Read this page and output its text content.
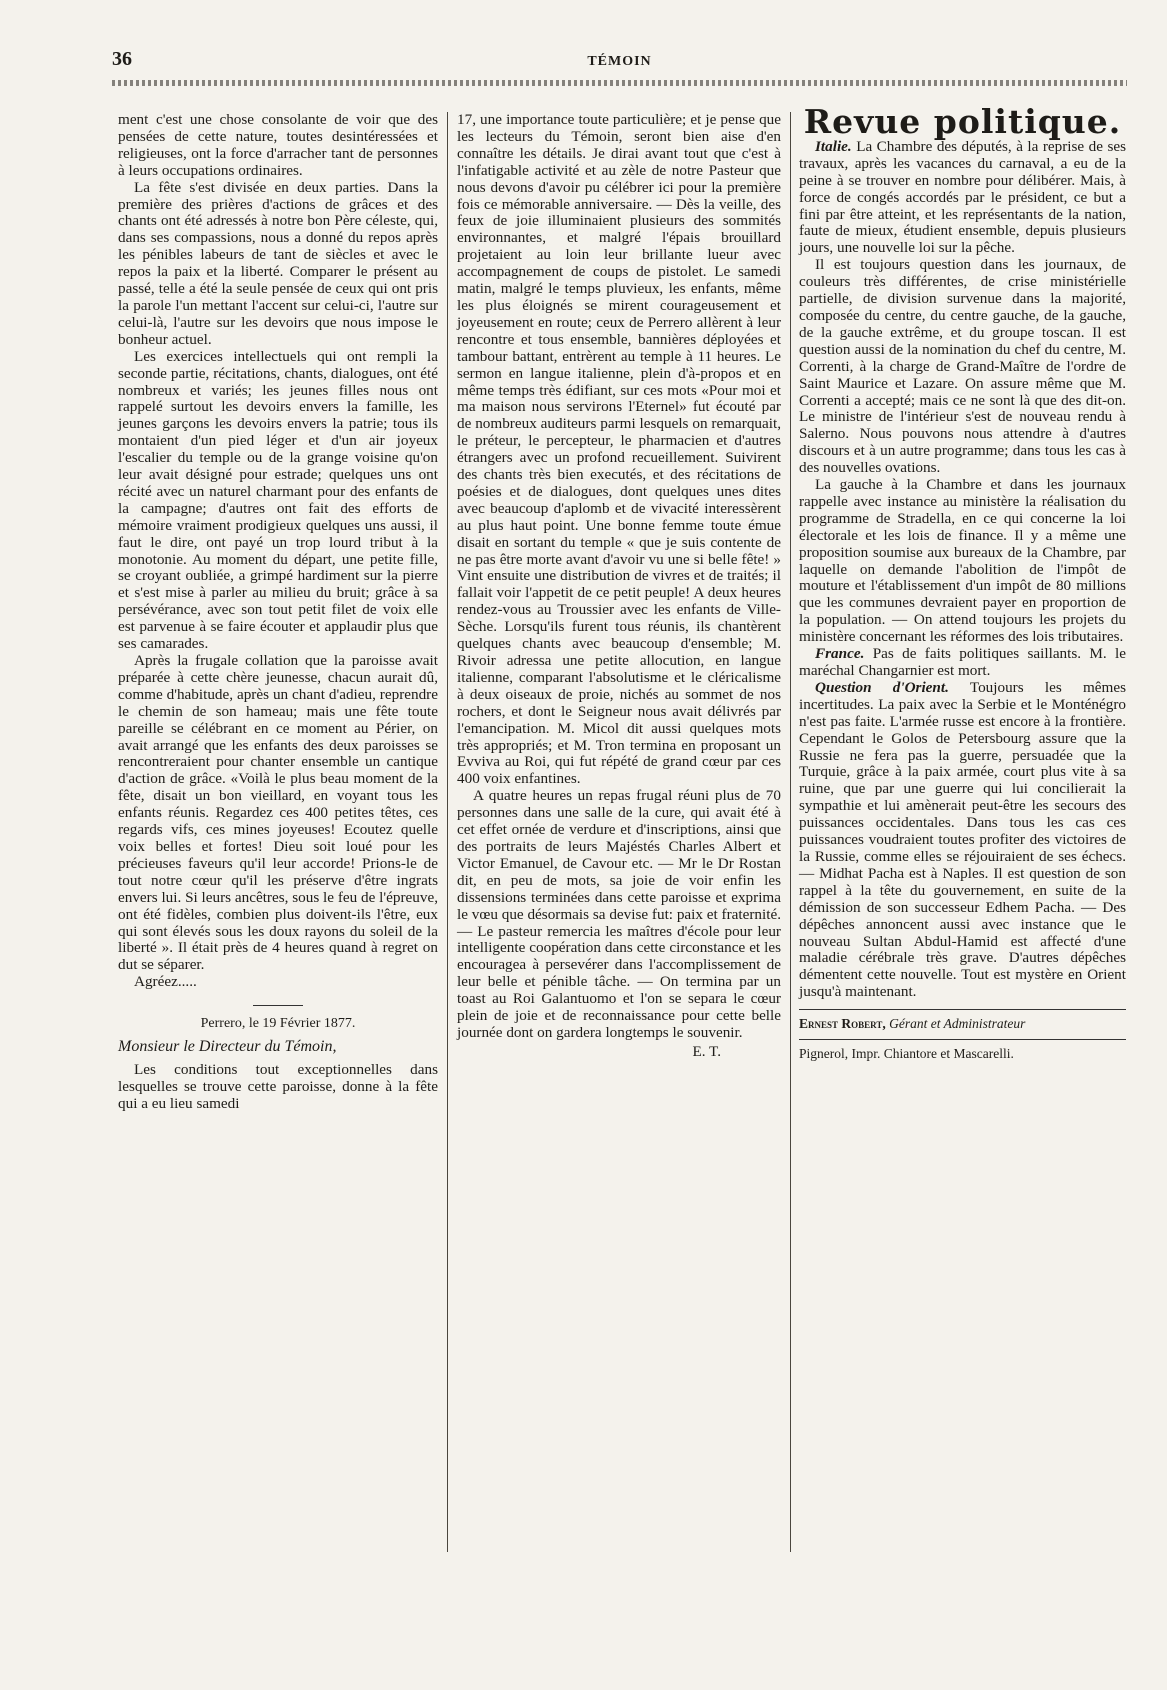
36	TÉMOIN

ment c'est une chose consolante de voir que des pensées de cette nature, toutes desintéressées et religieuses, ont la force d'arracher tant de personnes à leurs occupations ordinaires.

La fête s'est divisée en deux parties. Dans la première des prières d'actions de grâces et des chants ont été adressés à notre bon Père céleste, qui, dans ses compassions, nous a donné du repos après les pénibles labeurs de tant de siècles et avec le repos la paix et la liberté. Comparer le présent au passé, telle a été la seule pensée de ceux qui ont pris la parole l'un mettant l'accent sur celui-ci, l'autre sur celui-là, l'autre sur les devoirs que nous impose le bonheur actuel.

Les exercices intellectuels qui ont rempli la seconde partie, récitations, chants, dialogues, ont été nombreux et variés; les jeunes filles nous ont rappelé surtout les devoirs envers la famille, les jeunes garçons les devoirs envers la patrie; tous ils montaient d'un pied léger et d'un air joyeux l'escalier du temple ou de la grange voisine qu'on leur avait désigné pour estrade; quelques uns ont récité avec un naturel charmant pour des enfants de la campagne; d'autres ont fait des efforts de mémoire vraiment prodigieux quelques uns aussi, il faut le dire, ont payé un trop lourd tribut à la monotonie. Au moment du départ, une petite fille, se croyant oubliée, a grimpé hardiment sur la pierre et s'est mise à parler au milieu du bruit; grâce à sa persévérance, avec son tout petit filet de voix elle est parvenue à se faire écouter et applaudir plus que ses camarades.

Après la frugale collation que la paroisse avait préparée à cette chère jeunesse, chacun aurait dû, comme d'habitude, après un chant d'adieu, reprendre le chemin de son hameau; mais une fête toute pareille se célébrant en ce moment au Périer, on avait arrangé que les enfants des deux paroisses se rencontreraient pour chanter ensemble un cantique d'action de grâce. «Voilà le plus beau moment de la fête, disait un bon vieillard, en voyant tous les enfants réunis. Regardez ces 400 petites têtes, ces regards vifs, ces mines joyeuses! Ecoutez quelle voix belles et fortes! Dieu soit loué pour les précieuses faveurs qu'il leur accorde! Prions-le de tout notre cœur qu'il les préserve d'être ingrats envers lui. Si leurs ancêtres, sous le feu de l'épreuve, ont été fidèles, combien plus doivent-ils l'être, eux qui sont élevés sous les doux rayons du soleil de la liberté ». Il était près de 4 heures quand à regret on dut se séparer.

Agréez.....

Perrero, le 19 Février 1877.

Monsieur le Directeur du Témoin,

Les conditions tout exceptionnelles dans lesquelles se trouve cette paroisse, donne à la fête qui a eu lieu samedi

17, une importance toute particulière; et je pense que les lecteurs du Témoin, seront bien aise d'en connaître les détails. Je dirai avant tout que c'est à l'infatigable activité et au zèle de notre Pasteur que nous devons d'avoir pu célébrer ici pour la première fois ce mémorable anniversaire. — Dès la veille, des feux de joie illuminaient plusieurs des sommités environnantes, et malgré l'épais brouillard projetaient au loin leur brillante lueur avec accompagnement de coups de pistolet. Le samedi matin, malgré le temps pluvieux, les enfants, même les plus éloignés se mirent courageusement et joyeusement en route; ceux de Perrero allèrent à leur rencontre et tous ensemble, bannières déployées et tambour battant, entrèrent au temple à 11 heures. Le sermon en langue italienne, plein d'à-propos et en même temps très édifiant, sur ces mots «Pour moi et ma maison nous servirons l'Eternel» fut écouté par de nombreux auditeurs parmi lesquels on remarquait, le préteur, le percepteur, le pharmacien et d'autres étrangers avec un profond recueillement. Suivirent des chants très bien executés, et des récitations de poésies et de dialogues, dont quelques unes dites avec beaucoup d'aplomb et de vivacité interessèrent au plus haut point. Une bonne femme toute émue disait en sortant du temple « que je suis contente de ne pas être morte avant d'avoir vu une si belle fête! » Vint ensuite une distribution de vivres et de traités; il fallait voir l'appetit de ce petit peuple! A deux heures rendez-vous au Troussier avec les enfants de Ville-Sèche. Lorsqu'ils furent tous réunis, ils chantèrent quelques chants avec beaucoup d'ensemble; M. Rivoir adressa une petite allocution, en langue italienne, comparant l'absolutisme et le cléricalisme à deux oiseaux de proie, nichés au sommet de nos rochers, et dont le Seigneur nous avait délivrés par l'emancipation. M. Micol dit aussi quelques mots très appropriés; et M. Tron termina en proposant un Evviva au Roi, qui fut répété de grand cœur par ces 400 voix enfantines.

A quatre heures un repas frugal réuni plus de 70 personnes dans une salle de la cure, qui avait été à cet effet ornée de verdure et d'inscriptions, ainsi que des portraits de leurs Majéstés Charles Albert et Victor Emanuel, de Cavour etc. — Mr le Dr Rostan dit, en peu de mots, sa joie de voir enfin les dissensions terminées dans cette paroisse et exprima le vœu que désormais sa devise fut: paix et fraternité. — Le pasteur remercia les maîtres d'école pour leur intelligente coopération dans cette circonstance et les encouragea à persevérer dans l'accomplissement de leur belle et pénible tâche. — On termina par un toast au Roi Galantuomo et l'on se separa le cœur plein de joie et de reconnaissance pour cette belle journée dont on gardera longtemps le souvenir.

E. T.

Revue politique.

Italie. La Chambre des députés, à la reprise de ses travaux, après les vacances du carnaval, a eu de la peine à se trouver en nombre pour délibérer. Mais, à force de congés accordés par le président, ce but a fini par être atteint, et les représentants de la nation, faute de mieux, étudient ensemble, depuis plusieurs jours, une nouvelle loi sur la pêche.

Il est toujours question dans les journaux, de couleurs très différentes, de crise ministérielle partielle, de division survenue dans la majorité, composée du centre, du centre gauche, de la gauche, de la gauche extrême, et du groupe toscan. Il est question aussi de la nomination du chef du centre, M. Correnti, à la charge de Grand-Maître de l'ordre de Saint Maurice et Lazare. On assure même que M. Correnti a accepté; mais ce ne sont là que des dit-on. Le ministre de l'intérieur s'est de nouveau rendu à Salerno. Nous pouvons nous attendre à d'autres discours et à un autre programme; dans tous les cas à des nouvelles ovations.

La gauche à la Chambre et dans les journaux rappelle avec instance au ministère la réalisation du programme de Stradella, en ce qui concerne la loi électorale et les lois de finance. Il y a même une proposition soumise aux bureaux de la Chambre, par laquelle on demande l'abolition de l'impôt de mouture et l'établissement d'un impôt de 80 millions que les communes devraient payer en proportion de la population. — On attend toujours les projets du ministère concernant les réformes des lois tributaires.

France. Pas de faits politiques saillants. M. le maréchal Changarnier est mort.

Question d'Orient. Toujours les mêmes incertitudes. La paix avec la Serbie et le Monténégro n'est pas faite. L'armée russe est encore à la frontière. Cependant le Golos de Petersbourg assure que la Russie ne fera pas la guerre, persuadée que la Turquie, grâce à la paix armée, court plus vite à sa ruine, que par une guerre qui lui concilierait la sympathie et lui amènerait peut-être les secours des puissances occidentales. Dans tous les cas ces puissances voudraient toutes profiter des victoires de la Russie, comme elles se réjouiraient de ses échecs. — Midhat Pacha est à Naples. Il est question de son rappel à la tête du gouvernement, en suite de la démission de son successeur Edhem Pacha. — Des dépêches annoncent aussi avec instance que le nouveau Sultan Abdul-Hamid est affecté d'une maladie cérébrale très grave. D'autres dépêches démentent cette nouvelle. Tout est mystère en Orient jusqu'à maintenant.

Ernest Robert, Gérant et Administrateur

Pignerol, Impr. Chiantore et Mascarelli.
